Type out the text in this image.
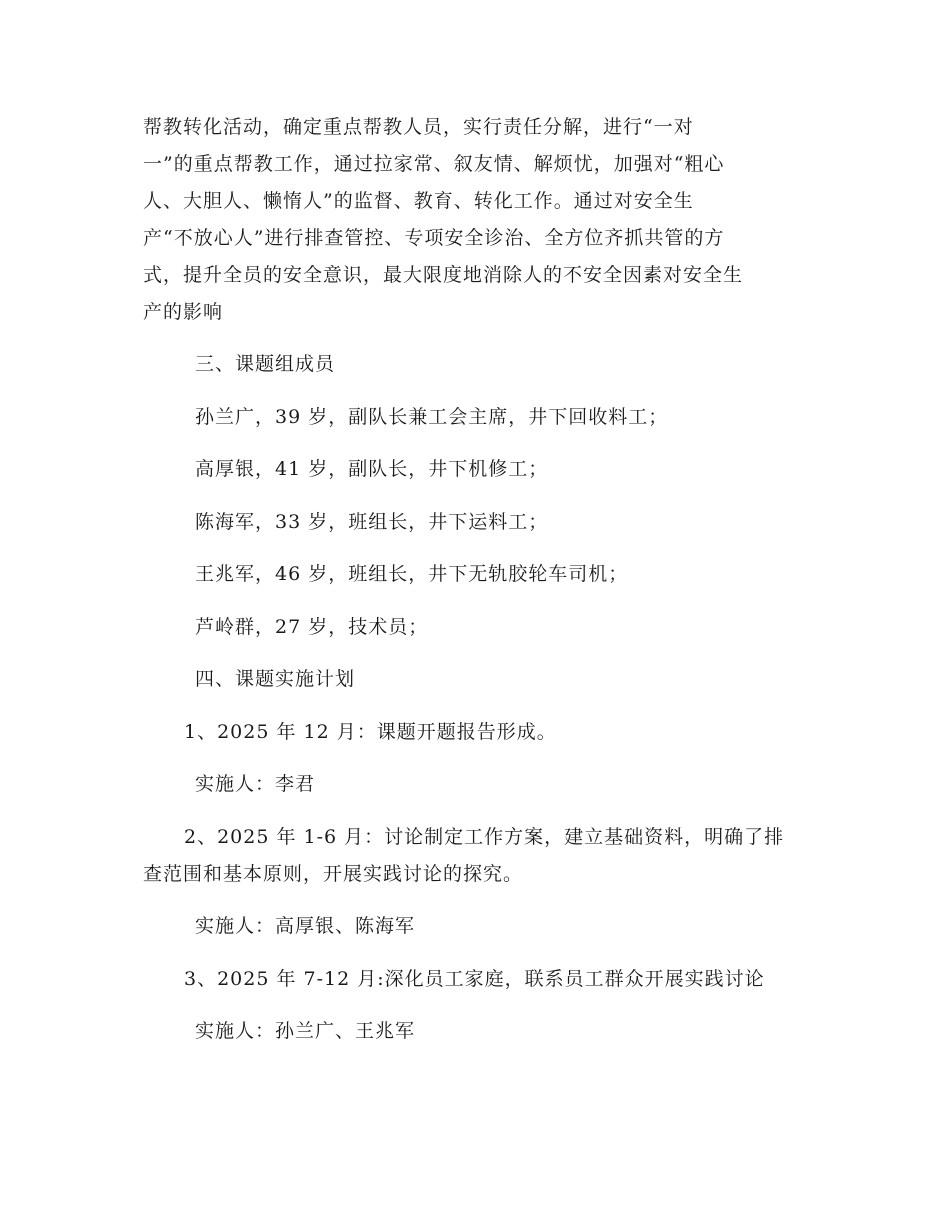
帮教转化活动，确定重点帮教人员，实行责任分解，进行“一对
一”的重点帮教工作，通过拉家常、叙友情、解烦忧，加强对“粗心
人、大胆人、懒惰人”的监督、教育、转化工作。通过对安全生
产“不放心人”进行排查管控、专项安全诊治、全方位齐抓共管的方
式，提升全员的安全意识，最大限度地消除人的不安全因素对安全生
产的影响
三、课题组成员
孙兰广，39 岁，副队长兼工会主席，井下回收料工；
高厚银，41 岁，副队长，井下机修工；
陈海军，33 岁，班组长，井下运料工；
王兆军，46 岁，班组长，井下无轨胶轮车司机；
芦岭群，27 岁，技术员；
四、课题实施计划
1、2025 年 12 月：课题开题报告形成。
实施人：李君
2、2025 年 1-6 月：讨论制定工作方案，建立基础资料，明确了排
查范围和基本原则，开展实践讨论的探究。
实施人：高厚银、陈海军
3、2025 年 7-12 月:深化员工家庭，联系员工群众开展实践讨论
实施人：孙兰广、王兆军
